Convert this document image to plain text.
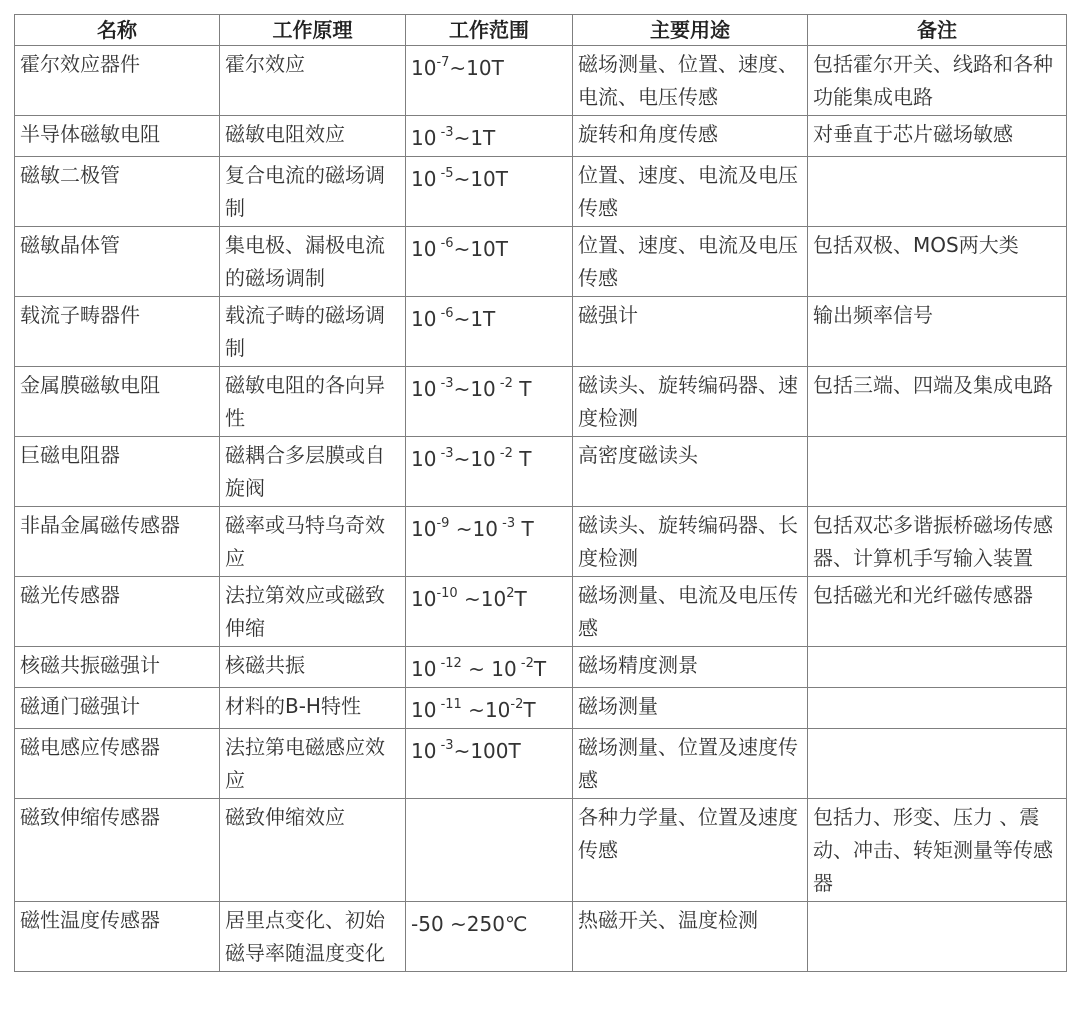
名称	工作原理	工作范围	主要用途	备注
霍尔效应器件	霍尔效应	$10^{-7}\sim 10T$	磁场测量、位置、速度、电流、电压传感	包括霍尔开关、线路和各种功能集成电路
半导体磁敏电阻	磁敏电阻效应	10 $^{-3}$~1T	旋转和角度传感	对垂直于芯片磁场敏感
磁敏二极管	复合电流的磁场调制	10 $^{-5}$~10T	位置、速度、电流及电压传感	
磁敏晶体管	集电极、漏极电流的磁场调制	10 $^{-6}$~10T	位置、速度、电流及电压传感	包括双极、MOS两大类
载流子畴器件	载流子畴的磁场调制	10 $^{-6}$~1T	磁强计	输出频率信号
金属膜磁敏电阻	磁敏电阻的各向异性	10 $^{-3}$~10 $^{-2}$ T	磁读头、旋转编码器、速度检测	包括三端、四端及集成电路
巨磁电阻器	磁耦合多层膜或自旋阀	10 $^{-3}$~10 $^{-2}$ T	高密度磁读头	
非晶金属磁传感器	磁率或马特乌奇效应	$10^{-9}$ ~10 $^{-3}$ T	磁读头、旋转编码器、长度检测	包括双芯多谐振桥磁场传感器、计算机手写输入装置
磁光传感器	法拉第效应或磁致伸缩	$10^{-10}$ $\sim 10^2T$	磁场测量、电流及电压传感	包括磁光和光纤磁传感器
核磁共振磁强计	核磁共振	10 $^{-12}$ ~ 10 $^{-2}$T	磁场精度测景	
磁通门磁强计	材料的B-H特性	10 $^{-11}$ $\sim 10^{-2}T$	磁场测量	
磁电感应传感器	法拉第电磁感应效应	10 $^{-3}$~100T	磁场测量、位置及速度传感	
磁致伸缩传感器	磁致伸缩效应		各种力学量、位置及速度传感	包括力、形变、压力 、震动、冲击、转矩测量等传感器
磁性温度传感器	居里点变化、初始磁导率随温度变化	-50 ~250℃	热磁开关、温度检测	
